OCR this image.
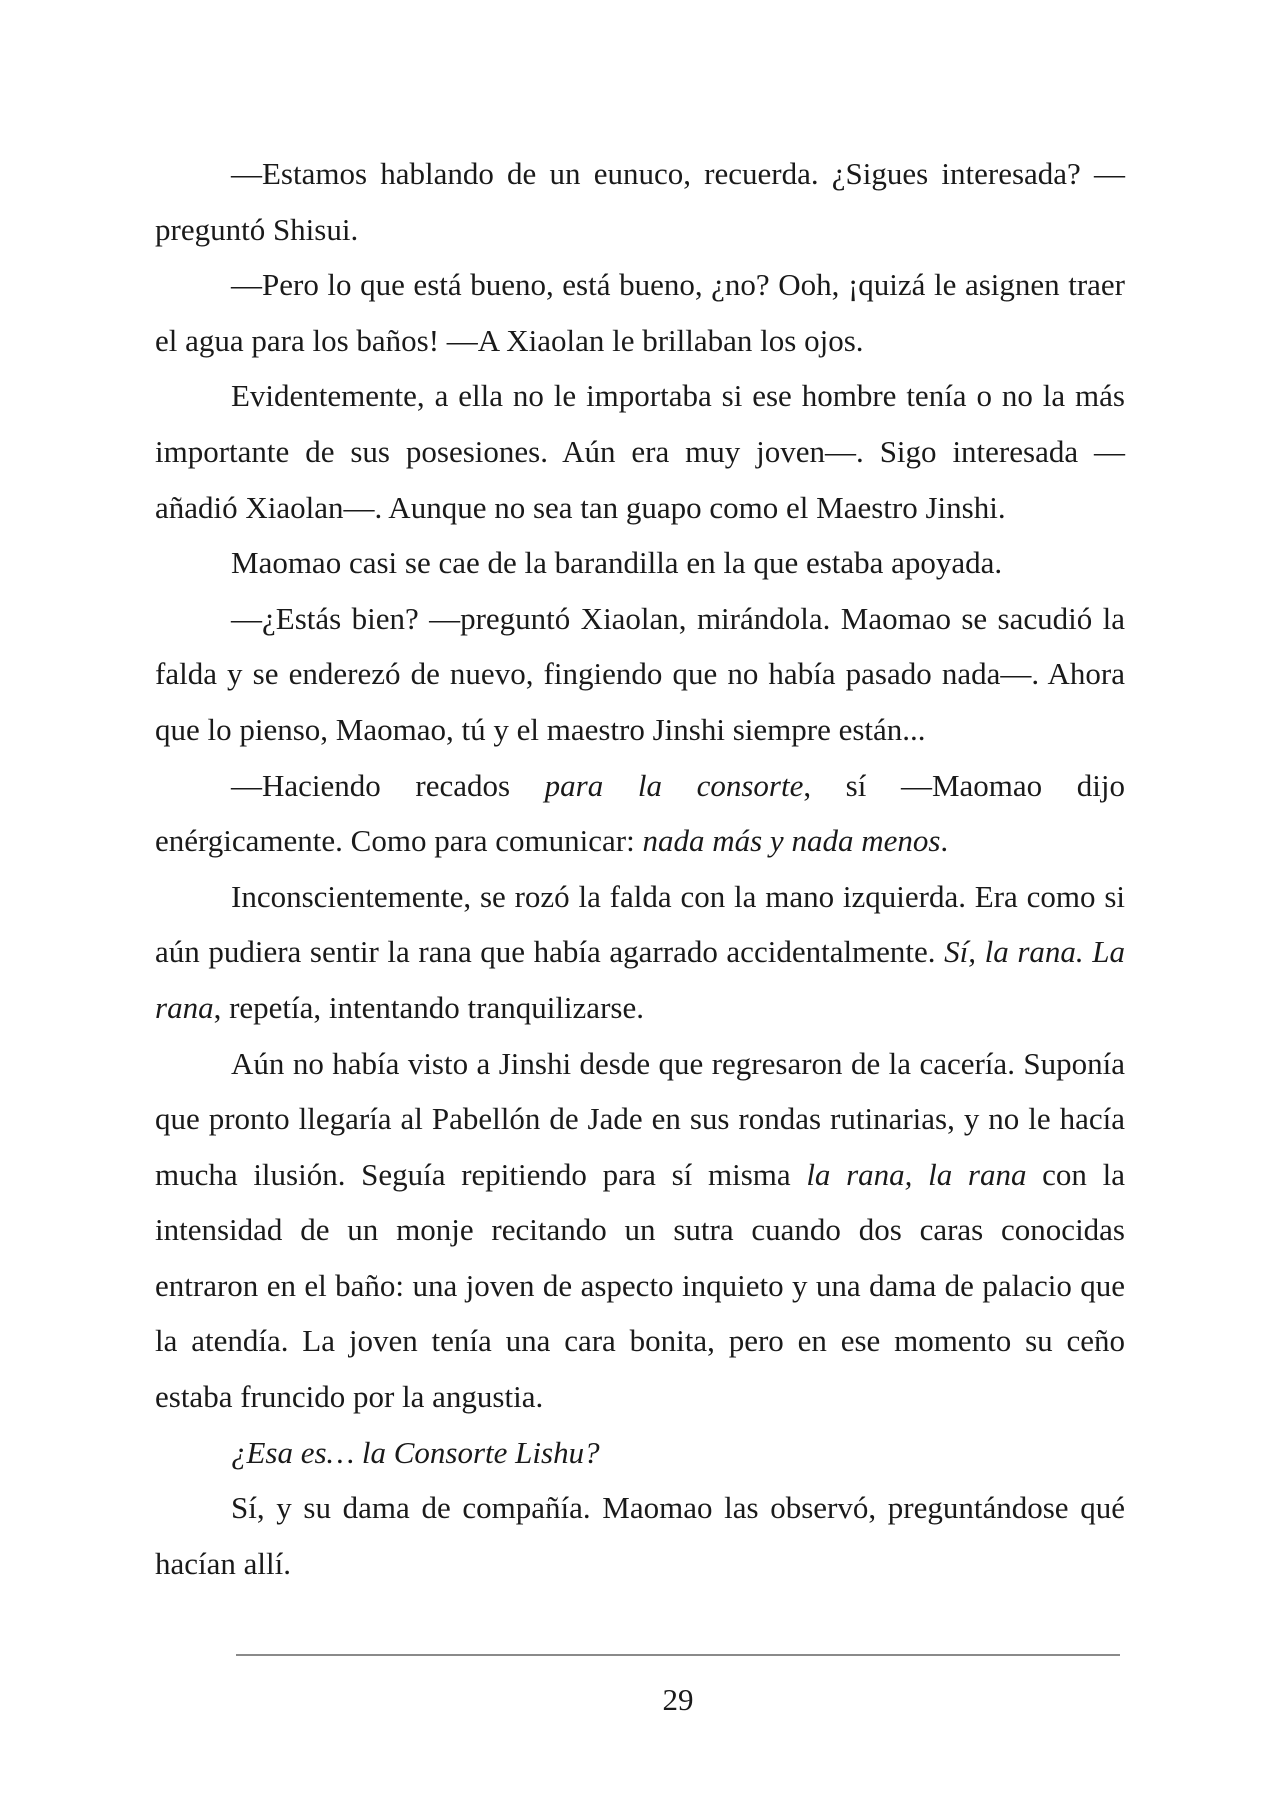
—Estamos hablando de un eunuco, recuerda. ¿Sigues interesada? —preguntó Shisui.

—Pero lo que está bueno, está bueno, ¿no? Ooh, ¡quizá le asignen traer el agua para los baños! —A Xiaolan le brillaban los ojos.

Evidentemente, a ella no le importaba si ese hombre tenía o no la más importante de sus posesiones. Aún era muy joven—. Sigo interesada —añadió Xiaolan—. Aunque no sea tan guapo como el Maestro Jinshi.

Maomao casi se cae de la barandilla en la que estaba apoyada.

—¿Estás bien? —preguntó Xiaolan, mirándola. Maomao se sacudió la falda y se enderezó de nuevo, fingiendo que no había pasado nada—. Ahora que lo pienso, Maomao, tú y el maestro Jinshi siempre están...

—Haciendo recados para la consorte, sí —Maomao dijo enérgicamente. Como para comunicar: nada más y nada menos.

Inconscientemente, se rozó la falda con la mano izquierda. Era como si aún pudiera sentir la rana que había agarrado accidentalmente. Sí, la rana. La rana, repetía, intentando tranquilizarse.

Aún no había visto a Jinshi desde que regresaron de la cacería. Suponía que pronto llegaría al Pabellón de Jade en sus rondas rutinarias, y no le hacía mucha ilusión. Seguía repitiendo para sí misma la rana, la rana con la intensidad de un monje recitando un sutra cuando dos caras conocidas entraron en el baño: una joven de aspecto inquieto y una dama de palacio que la atendía. La joven tenía una cara bonita, pero en ese momento su ceño estaba fruncido por la angustia.

¿Esa es… la Consorte Lishu?

Sí, y su dama de compañía. Maomao las observó, preguntándose qué hacían allí.

29
